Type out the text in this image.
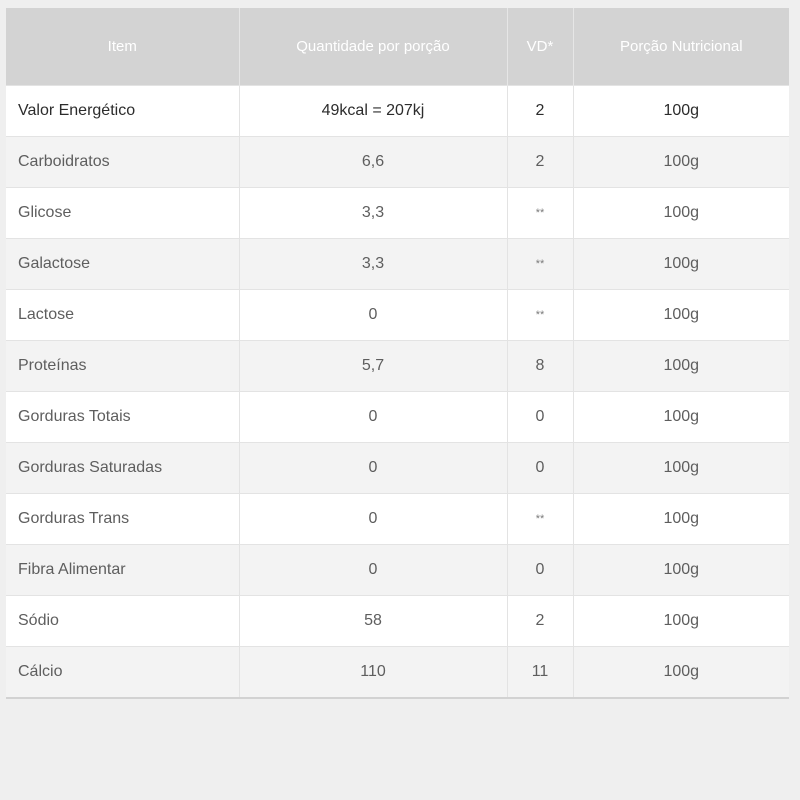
Item	Quantidade por porção	VD*	Porção Nutricional
Valor Energético	49kcal = 207kj	2	100g
Carboidratos	6,6	2	100g
Glicose	3,3	**	100g
Galactose	3,3	**	100g
Lactose	0	**	100g
Proteínas	5,7	8	100g
Gorduras Totais	0	0	100g
Gorduras Saturadas	0	0	100g
Gorduras Trans	0	**	100g
Fibra Alimentar	0	0	100g
Sódio	58	2	100g
Cálcio	110	11	100g
